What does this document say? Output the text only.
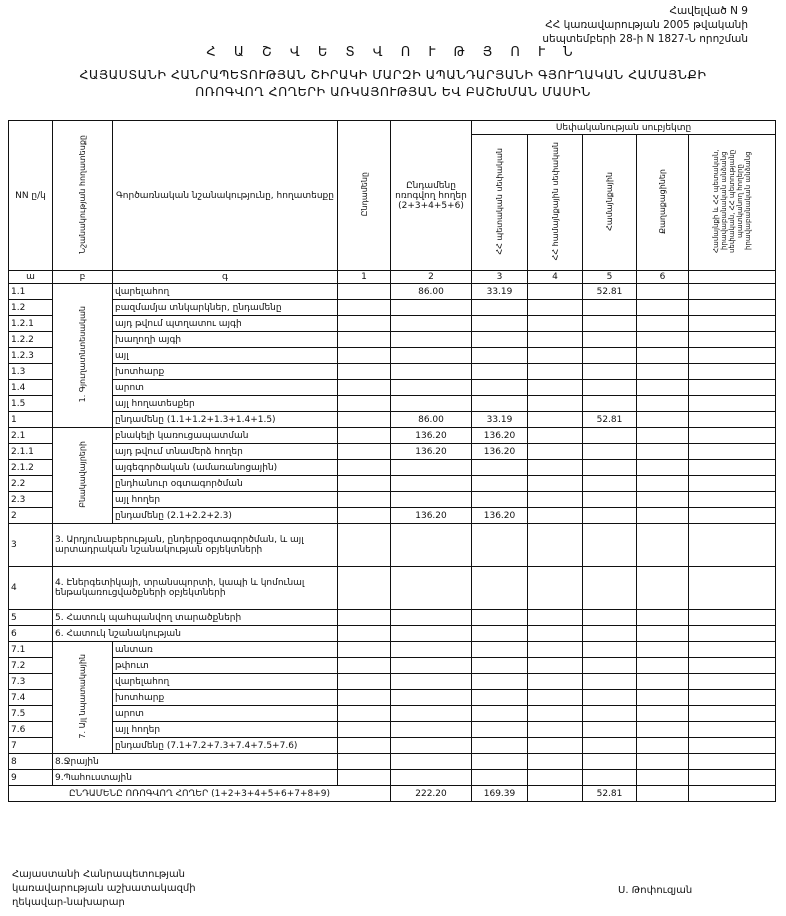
Հավելված N 9
ՀՀ կառավարության 2005 թվականի
սեպտեմբերի 28-ի N 1827-Ն որոշման
Հ Ա Շ Վ Ե Տ Վ Ո Ւ Թ Յ Ո Ւ Ն
ՀԱՅԱՍՏԱՆԻ ՀԱՆՐԱՊԵՏՈՒԹՅԱՆ ՇԻՐԱԿԻ ՄԱՐԶԻ ԱՊԱՆԴԱՐՅԱՆԻ ԳՅՈՒՂԱԿԱՆ ՀԱՄԱՅՆՔԻ
ՈՌՈԳՎՈՂ ՀՈՂԵՐԻ ԱՌԿԱՅՈՒԹՅԱՆ ԵՎ ԲԱՇԽՄԱՆ ՄԱՍԻՆ
NN ը/կ	Նշանակության հողատեսքը	Գործառնական նշանակությունը, հողատեսքը	Ընդամենը	Ընդամենը ոռոգվող հողեր (2+3+4+5+6)	Սեփականության սուբյեկտը				
					ՀՀ պետական սեփական	ՀՀ համայնքային սեփական	Համայնքային	Քաղաքացիներ	Համայնքի և ՀՀ պետական, իրավաբանական անձանց սեփական, ՀՀ պետությանը պատկանող հողերը իրավաբանական անձանց
ա	բ	գ	1	2	3	4	5	6	
1.1	1. Գյուղատնտեսական	վարելահող		86.00	33.19		52.81		
1.2		բազմամյա տնկարկներ, ընդամենը							
1.2.1		այդ թվում պտղատու այգի							
1.2.2		խաղողի այգի							
1.2.3		այլ							
1.3		խոտհարք							
1.4		արոտ							
1.5		այլ հողատեսքեր							
1		ընդամենը (1.1+1.2+1.3+1.4+1.5)		86.00	33.19		52.81		
2.1	Բնակավայրերի	բնակելի կառուցապատման		136.20	136.20				
2.1.1		այդ թվում տնամերձ հողեր		136.20	136.20				
2.1.2		այգեգործական (ամառանոցային)							
2.2		ընդհանուր օգտագործման							
2.3		այլ հողեր							
2		ընդամենը (2.1+2.2+2.3)		136.20	136.20				
3	3. Արդյունաբերության, ընդերքօգտագործման, և այլ արտադրական նշանակության օբյեկտների								
4	4. Էներգետիկայի, տրանսպորտի, կապի և կոմունալ ենթակառուցվածքների օբյեկտների								
5	5. Հատուկ պահպանվող տարածքների								
6	6. Հատուկ նշանակության								
7.1	7. Այլ նպատակային	անտառ							
7.2		թփուտ							
7.3		վարելահող							
7.4		խոտհարք							
7.5		արոտ							
7.6		այլ հողեր							
7		ընդամենը (7.1+7.2+7.3+7.4+7.5+7.6)							
8	8.Ջրային								
9	9.Պահուստային								
ԸՆԴԱՄԵՆԸ ՈՌՈԳՎՈՂ ՀՈՂԵՐ (1+2+3+4+5+6+7+8+9)				222.20	169.39		52.81		
Հայաստանի Հանրապետության
կառավարության աշխատակազմի
ղեկավար-նախարար
Ս. Թոփուզյան
